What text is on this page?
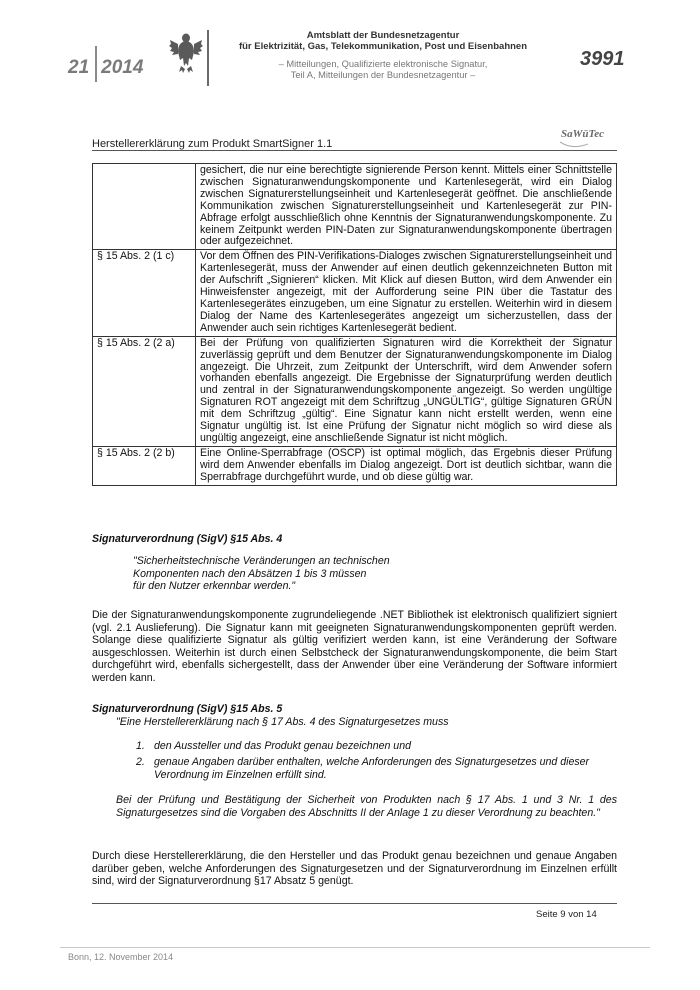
21 2014
Amtsblatt der Bundesnetzagentur
für Elektrizität, Gas, Telekommunikation, Post und Eisenbahnen
– Mitteilungen, Qualifizierte elektronische Signatur,
Teil A, Mitteilungen der Bundesnetzagentur –
3991
Herstellererklärung zum Produkt SmartSigner 1.1
SaWüTec
·····
	gesichert, die nur eine berechtigte signierende Person kennt. Mittels einer Schnittstelle zwischen Signaturanwendungskomponente und Kartenlesegerät, wird ein Dialog zwischen Signaturerstellungseinheit und Kartenlesegerät geöffnet. Die anschließende Kommunikation zwischen Signaturerstellungseinheit und Kartenlesegerät zur PIN-Abfrage erfolgt ausschließlich ohne Kenntnis der Signaturanwendungskomponente. Zu keinem Zeitpunkt werden PIN-Daten zur Signaturanwendungskomponente übertragen oder aufgezeichnet.
§ 15 Abs. 2 (1 c)	Vor dem Öffnen des PIN-Verifikations-Dialoges zwischen Signaturerstellungseinheit und Kartenlesegerät, muss der Anwender auf einen deutlich gekennzeichneten Button mit der Aufschrift „Signieren“ klicken. Mit Klick auf diesen Button, wird dem Anwender ein Hinweisfenster angezeigt, mit der Aufforderung seine PIN über die Tastatur des Kartenlesegerätes einzugeben, um eine Signatur zu erstellen. Weiterhin wird in diesem Dialog der Name des Kartenlesegerätes angezeigt um sicherzustellen, dass der Anwender auch sein richtiges Kartenlesegerät bedient.
§ 15 Abs. 2 (2 a)	Bei der Prüfung von qualifizierten Signaturen wird die Korrektheit der Signatur zuverlässig geprüft und dem Benutzer der Signaturanwendungskomponente im Dialog angezeigt. Die Uhrzeit, zum Zeitpunkt der Unterschrift, wird dem Anwender sofern vorhanden ebenfalls angezeigt. Die Ergebnisse der Signaturprüfung werden deutlich und zentral in der Signaturanwendungskomponente angezeigt. So werden ungültige Signaturen ROT angezeigt mit dem Schriftzug „UNGÜLTIG“, gültige Signaturen GRÜN mit dem Schriftzug „gültig“. Eine Signatur kann nicht erstellt werden, wenn eine Signatur ungültig ist. Ist eine Prüfung der Signatur nicht möglich so wird diese als ungültig angezeigt, eine anschließende Signatur ist nicht möglich.
§ 15 Abs. 2 (2 b)	Eine Online-Sperrabfrage (OSCP) ist optimal möglich, das Ergebnis dieser Prüfung wird dem Anwender ebenfalls im Dialog angezeigt. Dort ist deutlich sichtbar, wann die Sperrabfrage durchgeführt wurde, und ob diese gültig war.
Signaturverordnung (SigV) §15 Abs. 4
"Sicherheitstechnische Veränderungen an technischen
Komponenten nach den Absätzen 1 bis 3 müssen
für den Nutzer erkennbar werden."
Die der Signaturanwendungskomponente zugrundeliegende .NET Bibliothek ist elektronisch qualifiziert signiert (vgl. 2.1 Auslieferung). Die Signatur kann mit geeigneten Signaturanwendungskomponenten geprüft werden. Solange diese qualifizierte Signatur als gültig verifiziert werden kann, ist eine Veränderung der Software ausgeschlossen. Weiterhin ist durch einen Selbstcheck der Signaturanwendungskomponente, die beim Start durchgeführt wird, ebenfalls sichergestellt, dass der Anwender über eine Veränderung der Software informiert werden kann.
Signaturverordnung (SigV) §15 Abs. 5
"Eine Herstellererklärung nach § 17 Abs. 4 des Signaturgesetzes muss
1. den Aussteller und das Produkt genau bezeichnen und
2. genaue Angaben darüber enthalten, welche Anforderungen des Signaturgesetzes und dieser Verordnung im Einzelnen erfüllt sind.
Bei der Prüfung und Bestätigung der Sicherheit von Produkten nach § 17 Abs. 1 und 3 Nr. 1 des Signaturgesetzes sind die Vorgaben des Abschnitts II der Anlage 1 zu dieser Verordnung zu beachten."
Durch diese Herstellererklärung, die den Hersteller und das Produkt genau bezeichnen und genaue Angaben darüber geben, welche Anforderungen des Signaturgesetzen und der Signaturverordnung im Einzelnen erfüllt sind, wird der Signaturverordnung §17 Absatz 5 genügt.
Seite 9 von 14
Bonn, 12. November 2014
